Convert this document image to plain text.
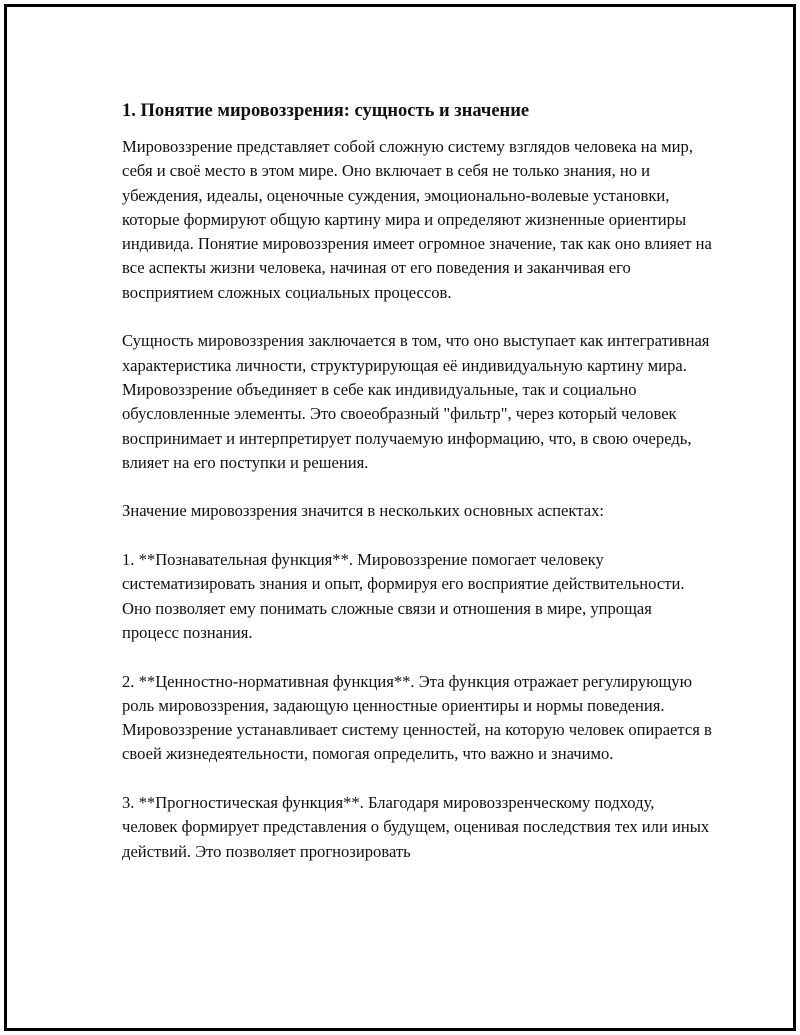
1. Понятие мировоззрения: сущность и значение

Мировоззрение представляет собой сложную систему взглядов человека на мир, себя и своё место в этом мире. Оно включает в себя не только знания, но и убеждения, идеалы, оценочные суждения, эмоционально-волевые установки, которые формируют общую картину мира и определяют жизненные ориентиры индивида. Понятие мировоззрения имеет огромное значение, так как оно влияет на все аспекты жизни человека, начиная от его поведения и заканчивая его восприятием сложных социальных процессов.

Сущность мировоззрения заключается в том, что оно выступает как интегративная характеристика личности, структурирующая её индивидуальную картину мира. Мировоззрение объединяет в себе как индивидуальные, так и социально обусловленные элементы. Это своеобразный "фильтр", через который человек воспринимает и интерпретирует получаемую информацию, что, в свою очередь, влияет на его поступки и решения.

Значение мировоззрения значится в нескольких основных аспектах:

1. **Познавательная функция**. Мировоззрение помогает человеку систематизировать знания и опыт, формируя его восприятие действительности. Оно позволяет ему понимать сложные связи и отношения в мире, упрощая процесс познания.

2. **Ценностно-нормативная функция**. Эта функция отражает регулирующую роль мировоззрения, задающую ценностные ориентиры и нормы поведения. Мировоззрение устанавливает систему ценностей, на которую человек опирается в своей жизнедеятельности, помогая определить, что важно и значимо.

3. **Прогностическая функция**. Благодаря мировоззренческому подходу, человек формирует представления о будущем, оценивая последствия тех или иных действий. Это позволяет прогнозировать
